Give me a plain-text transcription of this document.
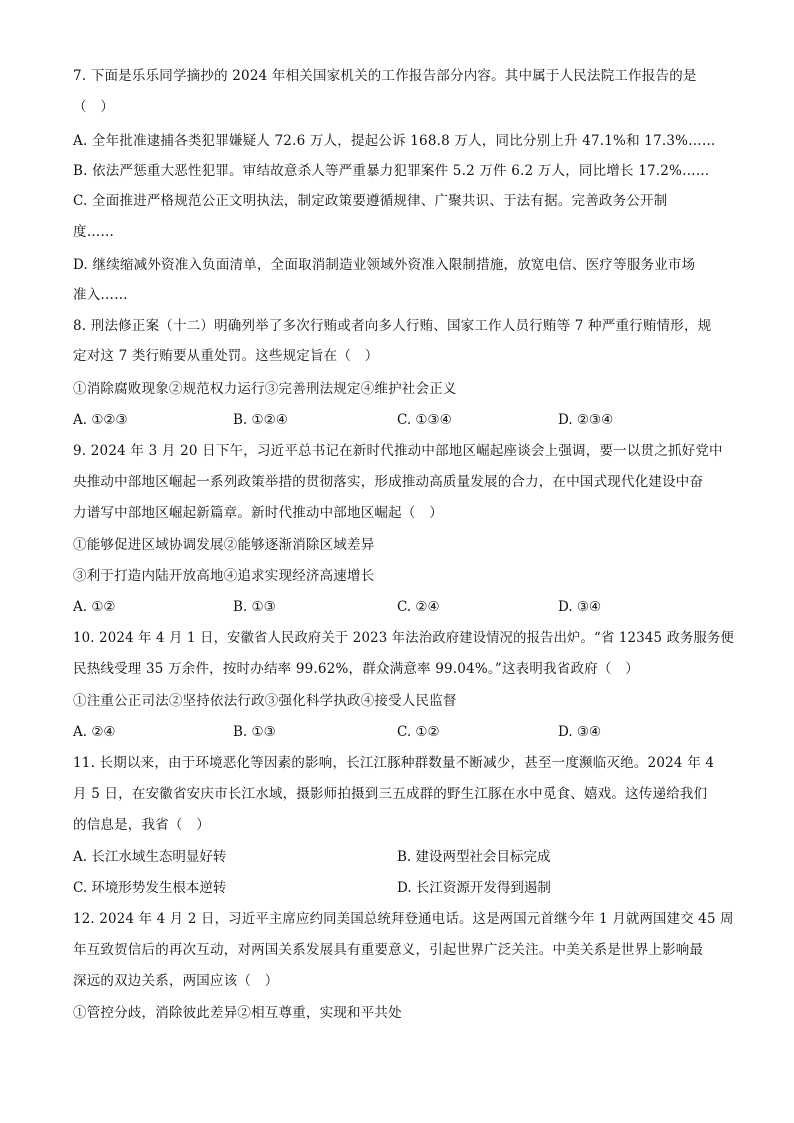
7. 下面是乐乐同学摘抄的 2024 年相关国家机关的工作报告部分内容。其中属于人民法院工作报告的是
（　）
A. 全年批准逮捕各类犯罪嫌疑人 72.6 万人，提起公诉 168.8 万人，同比分别上升 47.1%和 17.3%……
B. 依法严惩重大恶性犯罪。审结故意杀人等严重暴力犯罪案件 5.2 万件 6.2 万人，同比增长 17.2%……
C. 全面推进严格规范公正文明执法，制定政策要遵循规律、广聚共识、于法有据。完善政务公开制
度……
D. 继续缩减外资准入负面清单，全面取消制造业领域外资准入限制措施，放宽电信、医疗等服务业市场
准入……
8. 刑法修正案（十二）明确列举了多次行贿或者向多人行贿、国家工作人员行贿等 7 种严重行贿情形，规
定对这 7 类行贿要从重处罚。这些规定旨在（　）
①消除腐败现象②规范权力运行③完善刑法规定④维护社会正义
A. ①②③	B. ①②④	C. ①③④	D. ②③④
9. 2024 年 3 月 20 日下午，习近平总书记在新时代推动中部地区崛起座谈会上强调，要一以贯之抓好党中
央推动中部地区崛起一系列政策举措的贯彻落实，形成推动高质量发展的合力，在中国式现代化建设中奋
力谱写中部地区崛起新篇章。新时代推动中部地区崛起（　）
①能够促进区域协调发展②能够逐渐消除区域差异
③利于打造内陆开放高地④追求实现经济高速增长
A. ①②	B. ①③	C. ②④	D. ③④
10. 2024 年 4 月 1 日，安徽省人民政府关于 2023 年法治政府建设情况的报告出炉。“省 12345 政务服务便
民热线受理 35 万余件，按时办结率 99.62%，群众满意率 99.04%。”这表明我省政府（　）
①注重公正司法②坚持依法行政③强化科学执政④接受人民监督
A. ②④	B. ①③	C. ①②	D. ③④
11. 长期以来，由于环境恶化等因素的影响，长江江豚种群数量不断减少，甚至一度濒临灭绝。2024 年 4
月 5 日，在安徽省安庆市长江水域，摄影师拍摄到三五成群的野生江豚在水中觅食、嬉戏。这传递给我们
的信息是，我省（　）
A. 长江水域生态明显好转	B. 建设两型社会目标完成
C. 环境形势发生根本逆转	D. 长江资源开发得到遏制
12. 2024 年 4 月 2 日，习近平主席应约同美国总统拜登通电话。这是两国元首继今年 1 月就两国建交 45 周
年互致贺信后的再次互动，对两国关系发展具有重要意义，引起世界广泛关注。中美关系是世界上影响最
深远的双边关系，两国应该（　）
①管控分歧，消除彼此差异②相互尊重，实现和平共处
